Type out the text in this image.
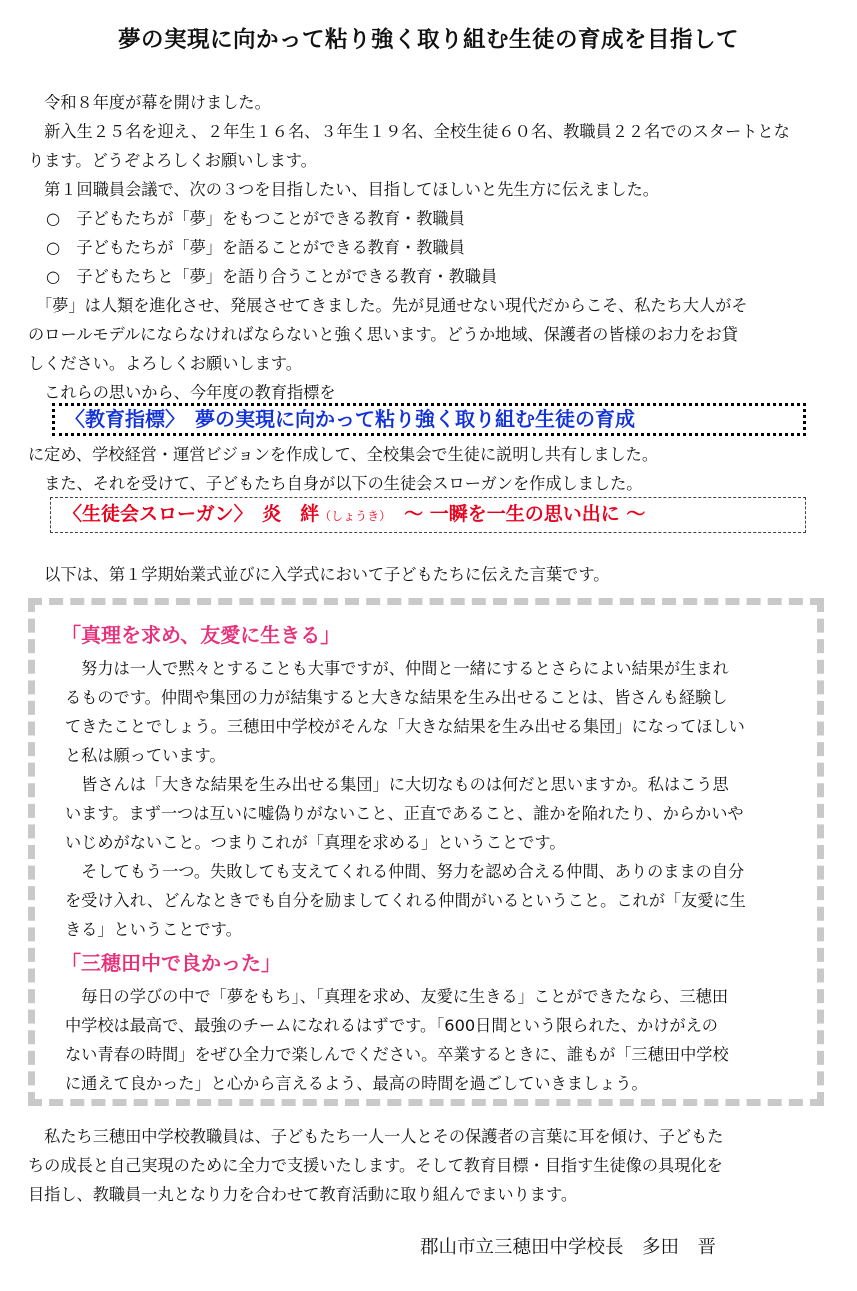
夢の実現に向かって粘り強く取り組む生徒の育成を目指して
　令和８年度が幕を開けました。
　新入生２５名を迎え、２年生１６名、３年生１９名、全校生徒６０名、教職員２２名でのスタートとな
ります。どうぞよろしくお願いします。
　第１回職員会議で、次の３つを目指したい、目指してほしいと先生方に伝えました。
○　子どもたちが「夢」をもつことができる教育・教職員
○　子どもたちが「夢」を語ることができる教育・教職員
○　子どもたちと「夢」を語り合うことができる教育・教職員
　「夢」は人類を進化させ、発展させてきました。先が見通せない現代だからこそ、私たち大人がそ
のロールモデルにならなければならないと強く思います。どうか地域、保護者の皆様のお力をお貸
しください。よろしくお願いします。
　これらの思いから、今年度の教育指標を
〈教育指標〉　夢の実現に向かって粘り強く取り組む生徒の育成
に定め、学校経営・運営ビジョンを作成して、全校集会で生徒に説明し共有しました。
　また、それを受けて、子どもたち自身が以下の生徒会スローガンを作成しました。
〈生徒会スローガン〉　炎　絆（しょうき）　 〜 一瞬を一生の思い出に 〜
　以下は、第１学期始業式並びに入学式において子どもたちに伝えた言葉です。
「真理を求め、友愛に生きる」
　努力は一人で黙々とすることも大事ですが、仲間と一緒にするとさらによい結果が生まれ
るものです。仲間や集団の力が結集すると大きな結果を生み出せることは、皆さんも経験し
てきたことでしょう。三穂田中学校がそんな「大きな結果を生み出せる集団」になってほしい
と私は願っています。
　皆さんは「大きな結果を生み出せる集団」に大切なものは何だと思いますか。私はこう思
います。まず一つは互いに嘘偽りがないこと、正直であること、誰かを陥れたり、からかいや
いじめがないこと。つまりこれが「真理を求める」ということです。
　そしてもう一つ。失敗しても支えてくれる仲間、努力を認め合える仲間、ありのままの自分
を受け入れ、どんなときでも自分を励ましてくれる仲間がいるということ。これが「友愛に生
きる」ということです。
「三穂田中で良かった」
　毎日の学びの中で「夢をもち」、「真理を求め、友愛に生きる」ことができたなら、三穂田
中学校は最高で、最強のチームになれるはずです。「600日間という限られた、かけがえの
ない青春の時間」をぜひ全力で楽しんでください。卒業するときに、誰もが「三穂田中学校
に通えて良かった」と心から言えるよう、最高の時間を過ごしていきましょう。
　私たち三穂田中学校教職員は、子どもたち一人一人とその保護者の言葉に耳を傾け、子どもた
ちの成長と自己実現のために全力で支援いたします。そして教育目標・目指す生徒像の具現化を
目指し、教職員一丸となり力を合わせて教育活動に取り組んでまいります。
郡山市立三穂田中学校長　多田　晋
